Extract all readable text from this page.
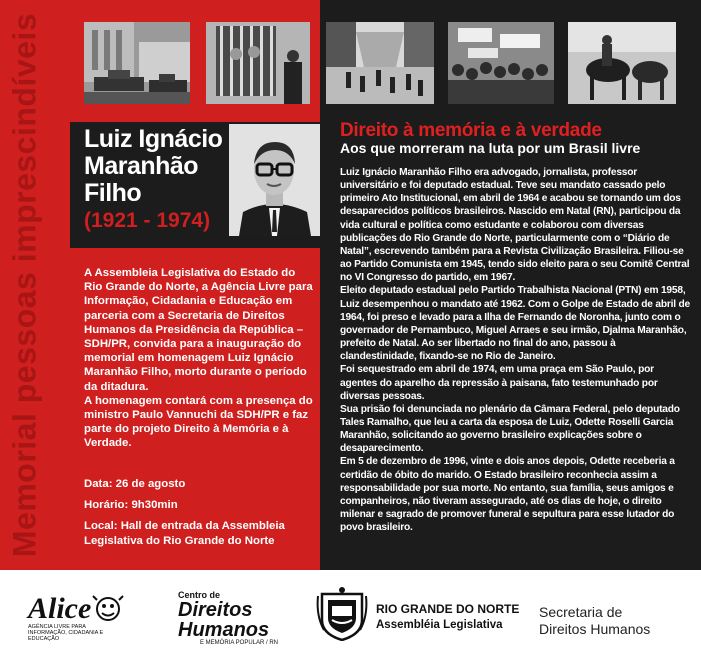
Memorial pessoas imprescindíveis Luiz Ignácio
Maranhão
Filho
(1921 - 1974)

A Assembleia Legislativa do Estado do Rio Grande do Norte, a Agência Livre para Informação, Cidadania e Educação em parceria com a Secretaria de Direitos Humanos da Presidência da República – SDH/PR, convida para a inauguração do memorial em homenagem Luiz Ignácio Maranhão Filho, morto durante o período da ditadura.

A homenagem contará com a presença do ministro Paulo Vannuchi da SDH/PR e faz parte do projeto Direito à Memória e à Verdade.

Data: 26 de agosto

Horário: 9h30min

Local: Hall de entrada da Assembleia Legislativa do Rio Grande do Norte

Direito à memória e à verdade
Aos que morreram na luta por um Brasil livre

Luiz Ignácio Maranhão Filho era advogado, jornalista, professor universitário e foi deputado estadual. Teve seu mandato cassado pelo primeiro Ato Institucional, em abril de 1964 e acabou se tornando um dos desaparecidos políticos brasileiros. Nascido em Natal (RN), participou da vida cultural e política como estudante e colaborou com diversas publicações do Rio Grande do Norte, particularmente com o “Diário de Natal”, escrevendo também para a Revista Civilização Brasileira. Filiou-se ao Partido Comunista em 1945, tendo sido eleito para o seu Comitê Central no VI Congresso do partido, em 1967.

Eleito deputado estadual pelo Partido Trabalhista Nacional (PTN) em 1958, Luiz desempenhou o mandato até 1962. Com o Golpe de Estado de abril de 1964, foi preso e levado para a Ilha de Fernando de Noronha, junto com o governador de Pernambuco, Miguel Arraes e seu irmão, Djalma Maranhão, prefeito de Natal. Ao ser libertado no final do ano, passou à clandestinidade, fixando-se no Rio de Janeiro.

Foi sequestrado em abril de 1974, em uma praça em São Paulo, por agentes do aparelho da repressão à paisana, fato testemunhado por diversas pessoas.

Sua prisão foi denunciada no plenário da Câmara Federal, pelo deputado Tales Ramalho, que leu a carta da esposa de Luiz, Odette Roselli Garcia Maranhão, solicitando ao governo brasileiro explicações sobre o desaparecimento.

Em 5 de dezembro de 1996, vinte e dois anos depois, Odette receberia a certidão de óbito do marido. O Estado brasileiro reconhecia assim a responsabilidade por sua morte. No entanto, sua família, seus amigos e companheiros, não tiveram assegurado, até os dias de hoje, o direito milenar e sagrado de promover funeral e sepultura para esse lutador do povo brasileiro.

Alice
AGÊNCIA LIVRE PARA INFORMAÇÃO, CIDADANIA E EDUCAÇÃO
Centro de
Direitos
Humanos
E MEMÓRIA POPULAR / RN
RIO GRANDE DO NORTE
Assembléia Legislativa
Secretaria de
Direitos Humanos
